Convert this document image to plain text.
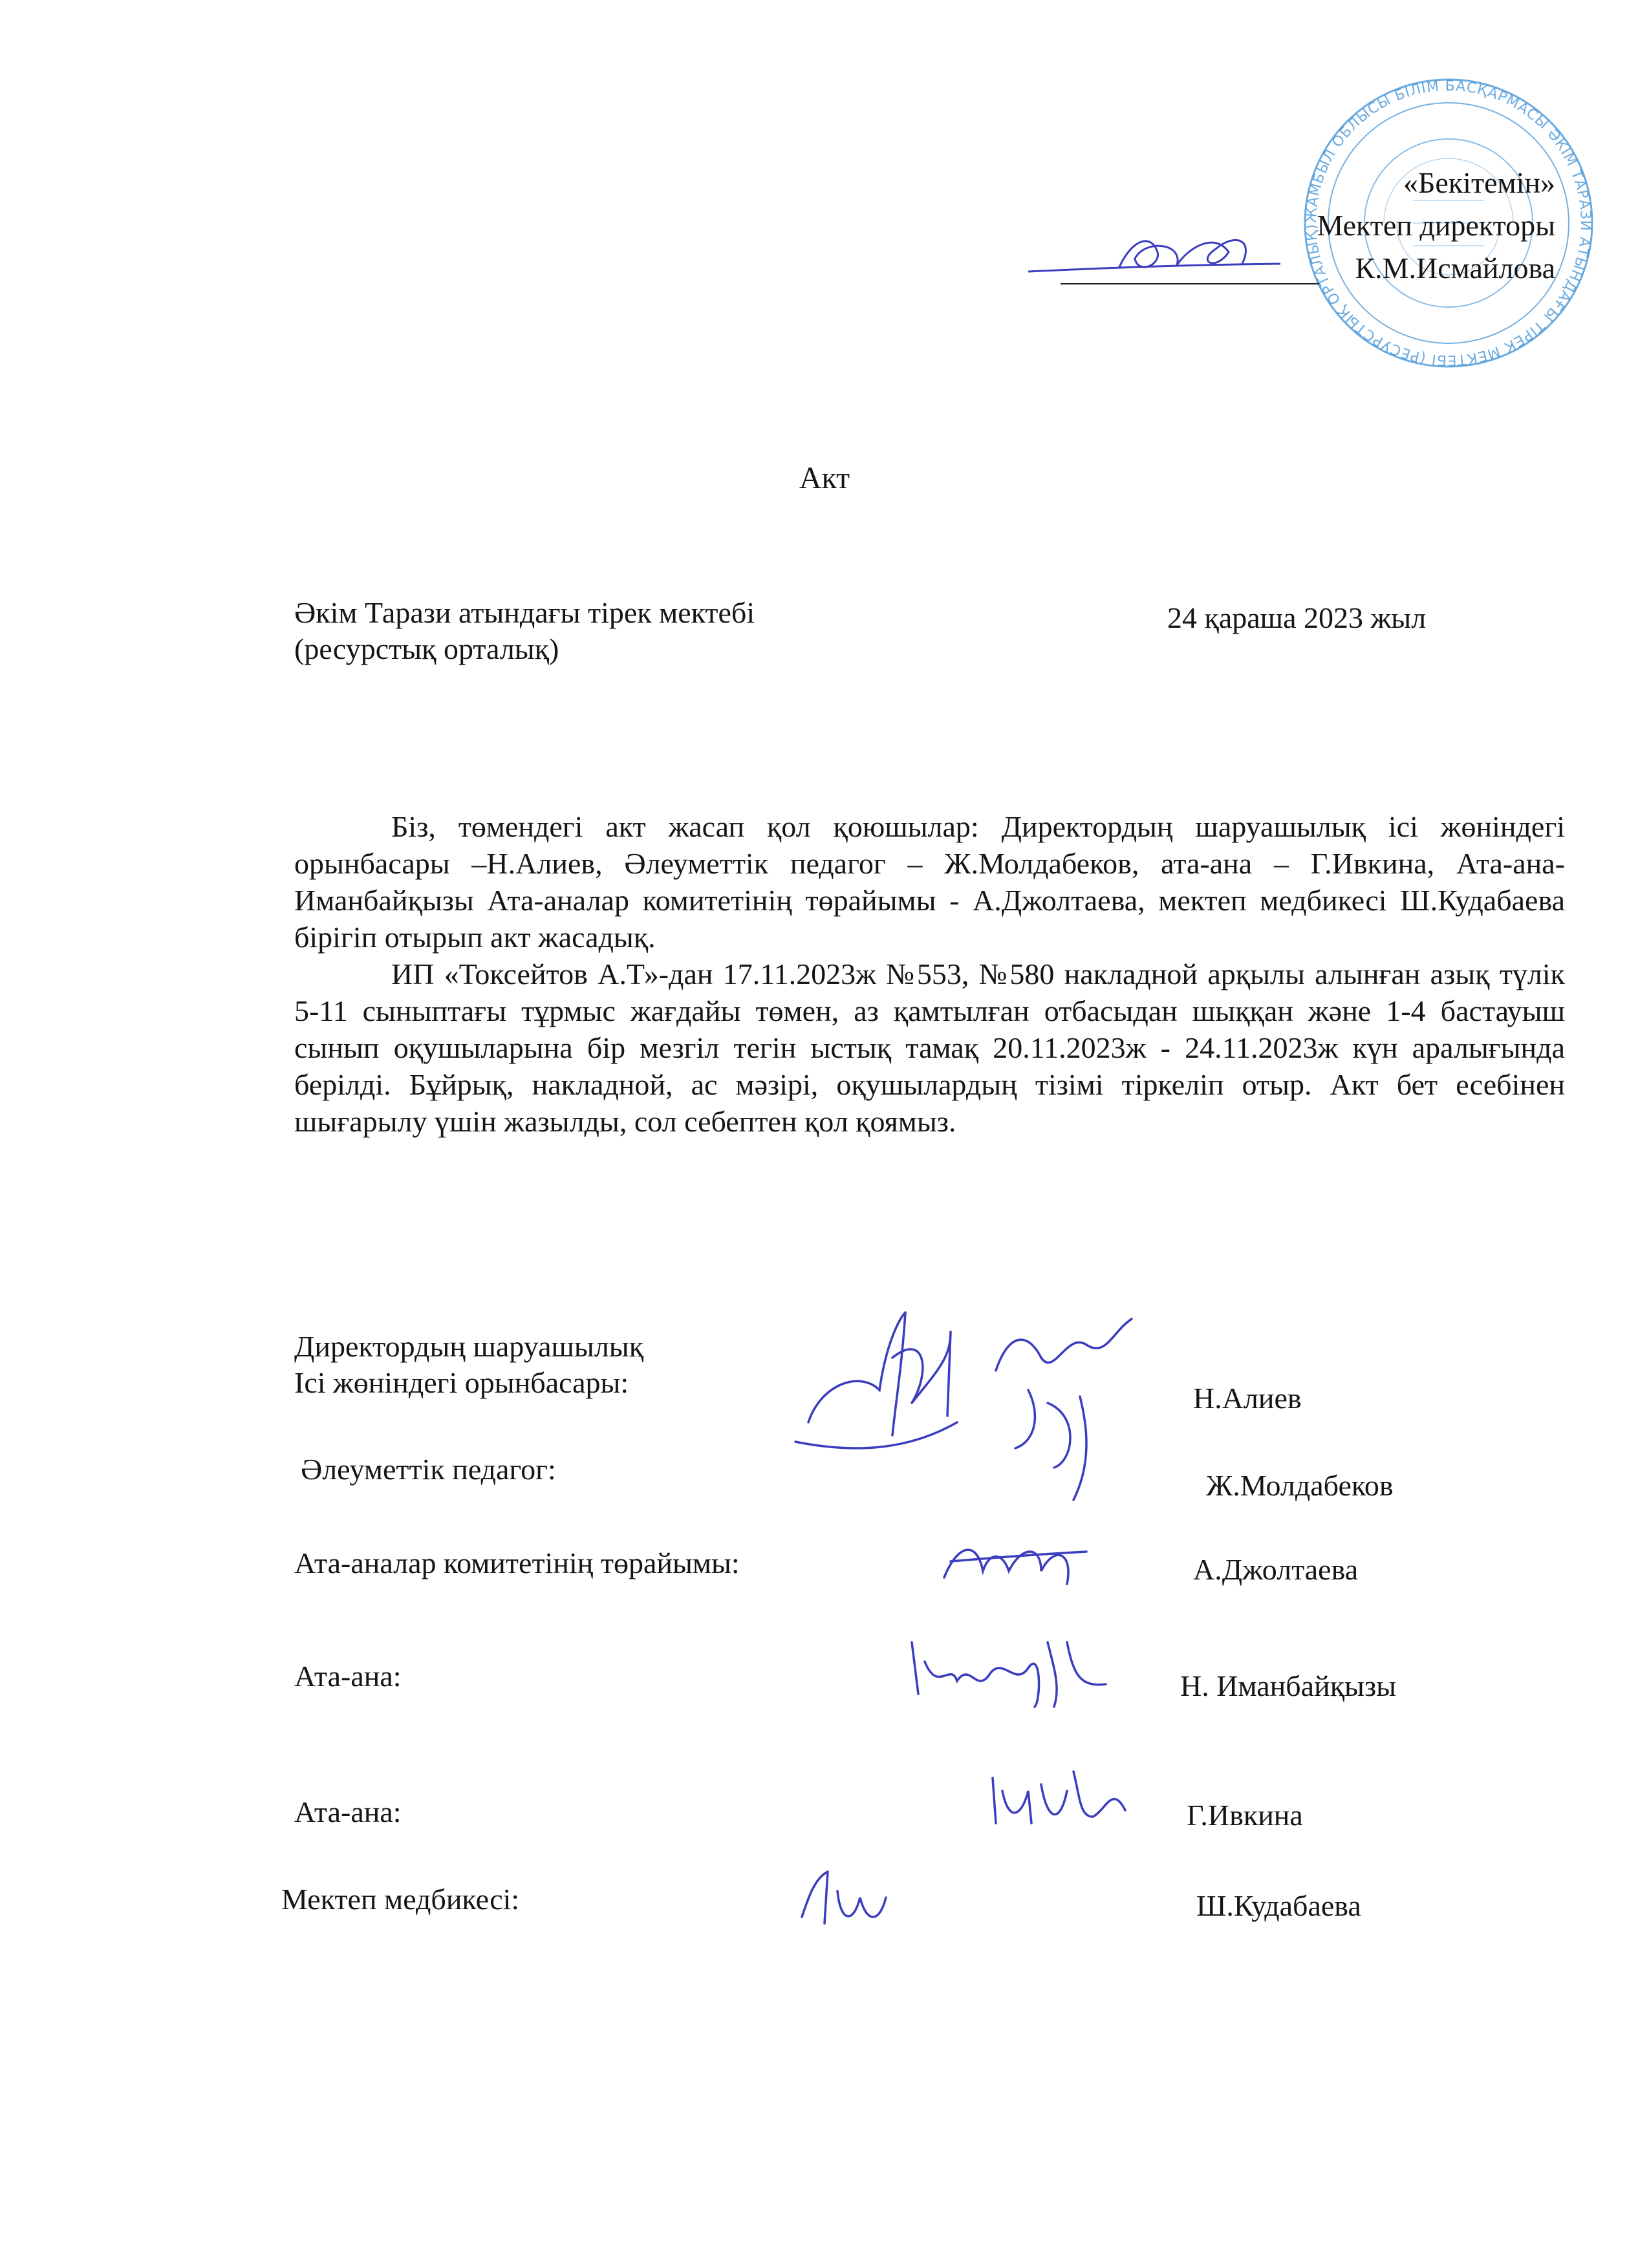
ЖАМБЫЛ ОБЛЫСЫ БІЛІМ БАСҚАРМАСЫ ӘКІМ ТАРАЗИ АТЫНДАҒЫ ТІРЕК МЕКТЕБІ (РЕСУРСТЫҚ ОРТАЛЫҚ)
«Бекітемін»
Мектеп директоры
К.М.Исмайлова
Акт
Әкім Тарази атындағы тірек мектебі
(ресурстық орталық)
24 қараша 2023 жыл

Біз, төмендегі акт жасап қол қоюшылар: Директордың шаруашылық ісі жөніндегі орынбасары –Н.Алиев, Әлеуметтік педагог – Ж.Молдабеков, ата-ана – Г.Ивкина, Ата-ана- Иманбайқызы Ата-аналар комитетінің төрайымы - А.Джолтаева, мектеп медбикесі Ш.Кудабаева бірігіп отырып акт жасадық.

ИП «Токсейтов А.Т»-дан 17.11.2023ж №553, №580 накладной арқылы алынған азық түлік 5-11 сыныптағы тұрмыс жағдайы төмен, аз қамтылған отбасыдан шыққан және 1-4 бастауыш сынып оқушыларына бір мезгіл тегін ыстық тамақ 20.11.2023ж - 24.11.2023ж күн аралығында берілді. Бұйрық, накладной, ас мәзірі, оқушылардың тізімі тіркеліп отыр. Акт бет есебінен шығарылу үшін жазылды, сол себептен қол қоямыз.

Директордың шаруашылық
Ісі жөніндегі орынбасары:	Н.Алиев
Әлеуметтік педагог:	Ж.Молдабеков
Ата-аналар комитетінің төрайымы:	А.Джолтаева
Ата-ана:	Н. Иманбайқызы
Ата-ана:	Г.Ивкина
Мектеп медбикесі:	Ш.Кудабаева
